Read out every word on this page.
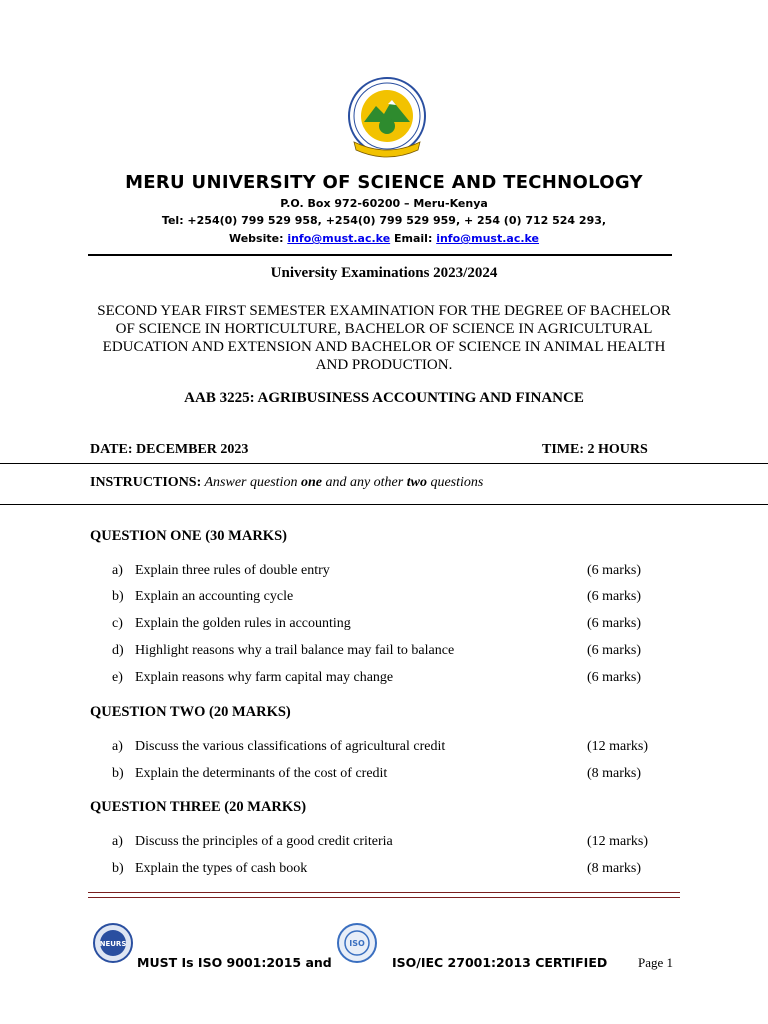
MERU UNIVERSITY OF SCIENCE AND TECHNOLOGY
P.O. Box 972-60200 – Meru-Kenya
Tel: +254(0) 799 529 958, +254(0) 799 529 959, + 254 (0) 712 524 293,
Website: info@must.ac.ke Email: info@must.ac.ke
University Examinations 2023/2024
SECOND YEAR FIRST SEMESTER EXAMINATION FOR THE DEGREE OF BACHELOR OF SCIENCE IN HORTICULTURE, BACHELOR OF SCIENCE IN AGRICULTURAL EDUCATION AND EXTENSION AND BACHELOR OF SCIENCE IN ANIMAL HEALTH AND PRODUCTION.
AAB 3225: AGRIBUSINESS ACCOUNTING AND FINANCE
DATE: DECEMBER 2023	TIME: 2 HOURS
INSTRUCTIONS: Answer question one and any other two questions
QUESTION ONE (30 MARKS)
a) Explain three rules of double entry	(6 marks)
b) Explain an accounting cycle	(6 marks)
c) Explain the golden rules in accounting	(6 marks)
d) Highlight reasons why a trail balance may fail to balance	(6 marks)
e) Explain reasons why farm capital may change	(6 marks)
QUESTION TWO (20 MARKS)
a) Discuss the various classifications of agricultural credit	(12 marks)
b) Explain the determinants of the cost of credit	(8 marks)
QUESTION THREE (20 MARKS)
a) Discuss the principles of a good credit criteria	(12 marks)
b) Explain the types of cash book	(8 marks)
NEURS	ISO
MUST Is ISO 9001:2015 and	ISO/IEC 27001:2013 CERTIFIED Page 1
